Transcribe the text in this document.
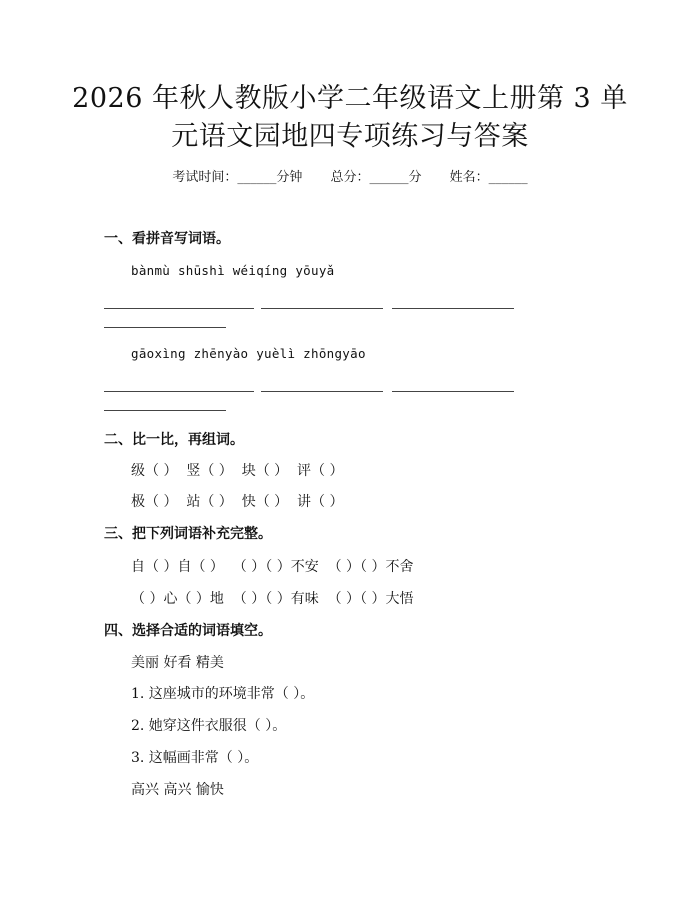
2026 年秋人教版小学二年级语文上册第 3 单
元语文园地四专项练习与答案
考试时间：______分钟 总分：______分 姓名：______
一、看拼音写词语。
bànmù shūshì wéiqíng yōuyǎ
gāoxìng zhēnyào yuèlì zhōngyāo
二、比一比，再组词。
级（ ）  竖（ ）  块（ ）  评（ ）
极（ ）  站（ ）  快（ ）  讲（ ）
三、把下列词语补充完整。
自（ ）自（ ）  （ ）（ ）不安  （ ）（ ）不舍
（ ）心（ ）地  （ ）（ ）有味  （ ）（ ）大悟
四、选择合适的词语填空。
美丽 好看 精美
1. 这座城市的环境非常（ ）。
2. 她穿这件衣服很（ ）。
3. 这幅画非常（ ）。
高兴 高兴 愉快
